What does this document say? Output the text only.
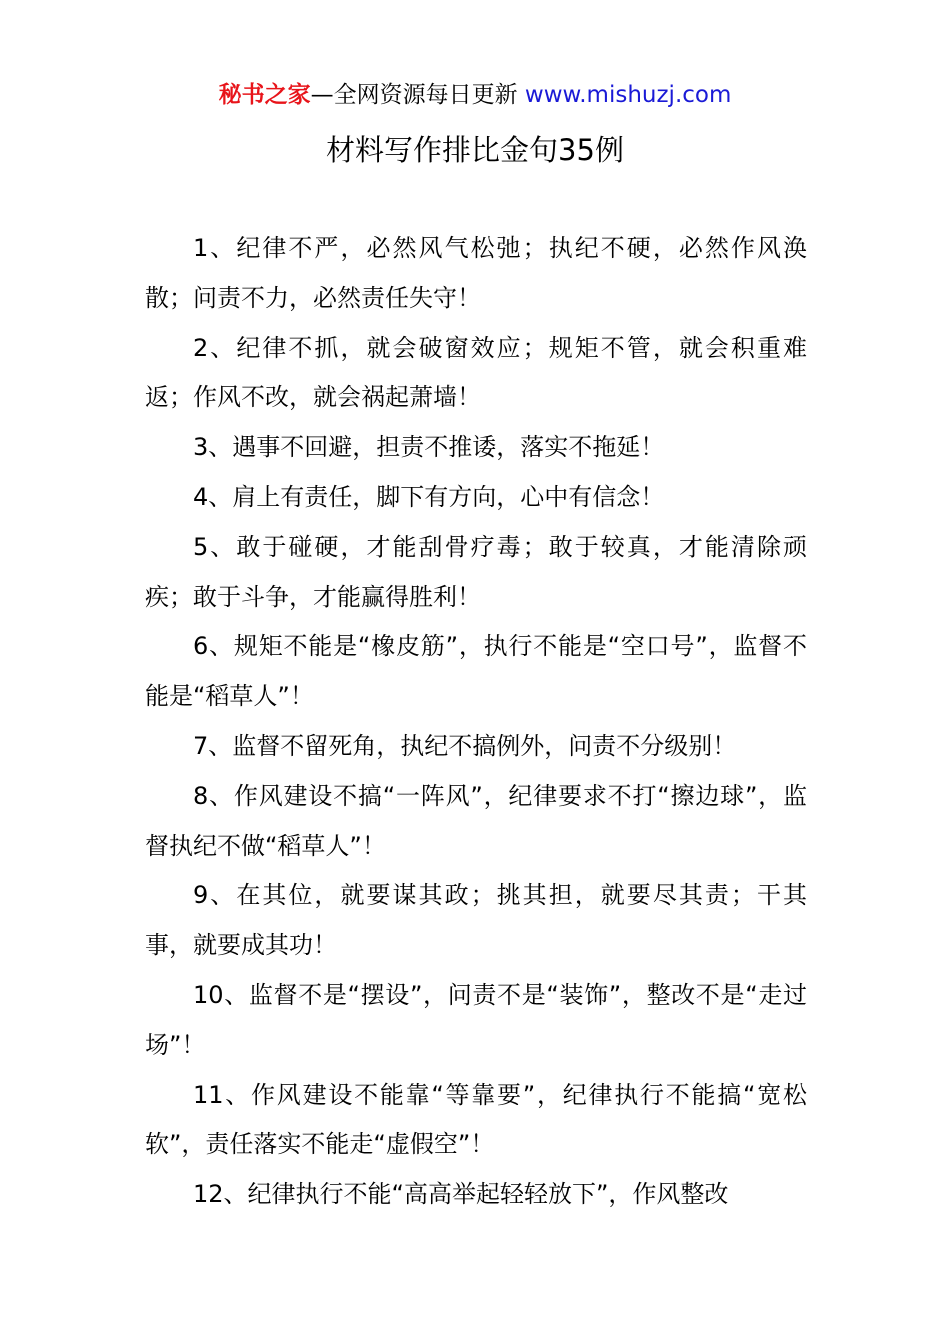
秘书之家—全网资源每日更新 www.mishuzj.com
材料写作排比金句35例

1、纪律不严，必然风气松弛；执纪不硬，必然作风涣散；问责不力，必然责任失守！

2、纪律不抓，就会破窗效应；规矩不管，就会积重难返；作风不改，就会祸起萧墙！

3、遇事不回避，担责不推诿，落实不拖延！

4、肩上有责任，脚下有方向，心中有信念！

5、敢于碰硬，才能刮骨疗毒；敢于较真，才能清除顽疾；敢于斗争，才能赢得胜利！

6、规矩不能是“橡皮筋”，执行不能是“空口号”，监督不能是“稻草人”！

7、监督不留死角，执纪不搞例外，问责不分级别！

8、作风建设不搞“一阵风”，纪律要求不打“擦边球”，监督执纪不做“稻草人”！

9、在其位，就要谋其政；挑其担，就要尽其责；干其事，就要成其功！

10、监督不是“摆设”，问责不是“装饰”，整改不是“走过场”！

11、作风建设不能靠“等靠要”，纪律执行不能搞“宽松软”，责任落实不能走“虚假空”！

12、纪律执行不能“高高举起轻轻放下”，作风整改
